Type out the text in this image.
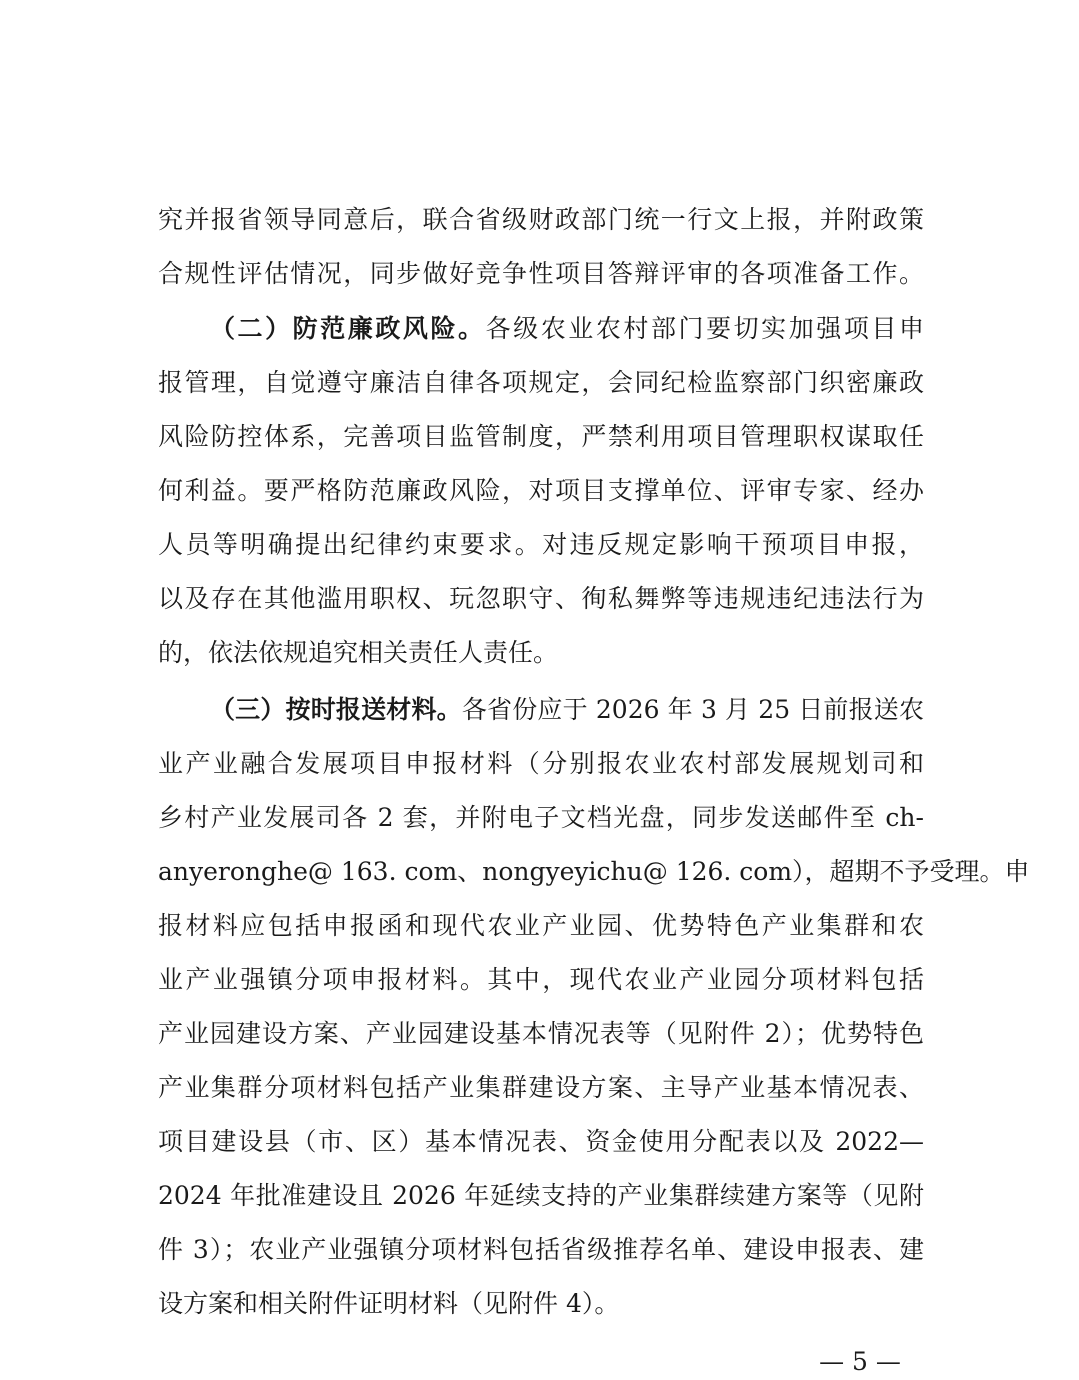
究并报省领导同意后，联合省级财政部门统一行文上报，并附政策
合规性评估情况，同步做好竞争性项目答辩评审的各项准备工作。
（二）防范廉政风险。各级农业农村部门要切实加强项目申
报管理，自觉遵守廉洁自律各项规定，会同纪检监察部门织密廉政
风险防控体系，完善项目监管制度，严禁利用项目管理职权谋取任
何利益。要严格防范廉政风险，对项目支撑单位、评审专家、经办
人员等明确提出纪律约束要求。对违反规定影响干预项目申报，
以及存在其他滥用职权、玩忽职守、徇私舞弊等违规违纪违法行为
的，依法依规追究相关责任人责任。
（三）按时报送材料。各省份应于 2026 年 3 月 25 日前报送农
业产业融合发展项目申报材料（分别报农业农村部发展规划司和
乡村产业发展司各 2 套，并附电子文档光盘，同步发送邮件至 ch-
anyeronghe@ 163. com、nongyeyichu@ 126. com），超期不予受理。申
报材料应包括申报函和现代农业产业园、优势特色产业集群和农
业产业强镇分项申报材料。其中，现代农业产业园分项材料包括
产业园建设方案、产业园建设基本情况表等（见附件 2）；优势特色
产业集群分项材料包括产业集群建设方案、主导产业基本情况表、
项目建设县（市、区）基本情况表、资金使用分配表以及 2022—
2024 年批准建设且 2026 年延续支持的产业集群续建方案等（见附
件 3）；农业产业强镇分项材料包括省级推荐名单、建设申报表、建
设方案和相关附件证明材料（见附件 4）。
— 5 —
